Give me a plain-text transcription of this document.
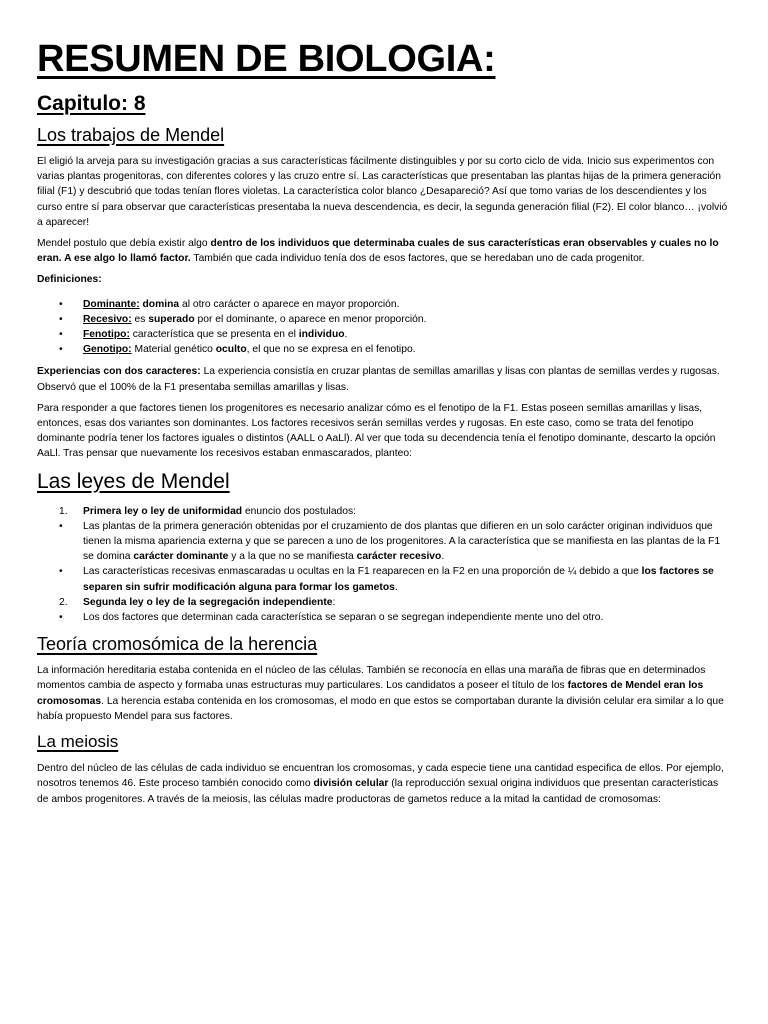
RESUMEN DE BIOLOGIA:
Capitulo: 8
Los trabajos de Mendel

El eligió la arveja para su investigación gracias a sus características fácilmente distinguibles y por su corto ciclo de vida. Inicio sus experimentos con varias plantas progenitoras, con diferentes colores y las cruzo entre sí. Las características que presentaban las plantas hijas de la primera generación filial (F1) y descubrió que todas tenían flores violetas. La característica color blanco ¿Desapareció? Así que tomo varias de los descendientes y los curso entre sí para observar que características presentaba la nueva descendencia, es decir, la segunda generación filial (F2). El color blanco… ¡volvió a aparecer!

Mendel postulo que debía existir algo dentro de los individuos que determinaba cuales de sus características eran observables y cuales no lo eran. A ese algo lo llamó factor. También que cada individuo tenía dos de esos factores, que se heredaban uno de cada progenitor.

Definiciones:

• Dominante: domina al otro carácter o aparece en mayor proporción.
• Recesivo: es superado por el dominante, o aparece en menor proporción.
• Fenotipo: característica que se presenta en el individuo.
• Genotipo: Material genético oculto, el que no se expresa en el fenotipo.

Experiencias con dos caracteres: La experiencia consistía en cruzar plantas de semillas amarillas y lisas con plantas de semillas verdes y rugosas. Observó que el 100% de la F1 presentaba semillas amarillas y lisas.

Para responder a que factores tienen los progenitores es necesario analizar cómo es el fenotipo de la F1. Estas poseen semillas amarillas y lisas, entonces, esas dos variantes son dominantes. Los factores recesivos serán semillas verdes y rugosas. En este caso, como se trata del fenotipo dominante podría tener los factores iguales o distintos (AALL o AaLl). Al ver que toda su decendencia tenía el fenotipo dominante, descarto la opción AaLl. Tras pensar que nuevamente los recesivos estaban enmascarados, planteo:

Las leyes de Mendel
1. Primera ley o ley de uniformidad enuncio dos postulados:
• Las plantas de la primera generación obtenidas por el cruzamiento de dos plantas que difieren en un solo carácter originan individuos que tienen la misma apariencia externa y que se parecen a uno de los progenitores. A la característica que se manifiesta en las plantas de la F1 se domina carácter dominante y a la que no se manifiesta carácter recesivo.
• Las características recesivas enmascaradas u ocultas en la F1 reaparecen en la F2 en una proporción de ¼ debido a que los factores se separen sin sufrir modificación alguna para formar los gametos.
2. Segunda ley o ley de la segregación independiente:
• Los dos factores que determinan cada característica se separan o se segregan independiente mente uno del otro.
Teoría cromosómica de la herencia

La información hereditaria estaba contenida en el núcleo de las células. También se reconocía en ellas una maraña de fibras que en determinados momentos cambia de aspecto y formaba unas estructuras muy particulares. Los candidatos a poseer el título de los factores de Mendel eran los cromosomas. La herencia estaba contenida en los cromosomas, el modo en que estos se comportaban durante la división celular era similar a lo que había propuesto Mendel para sus factores.

La meiosis

Dentro del núcleo de las células de cada individuo se encuentran los cromosomas, y cada especie tiene una cantidad especifica de ellos. Por ejemplo, nosotros tenemos 46. Este proceso también conocido como división celular (la reproducción sexual origina individuos que presentan características de ambos progenitores. A través de la meiosis, las células madre productoras de gametos reduce a la mitad la cantidad de cromosomas:
